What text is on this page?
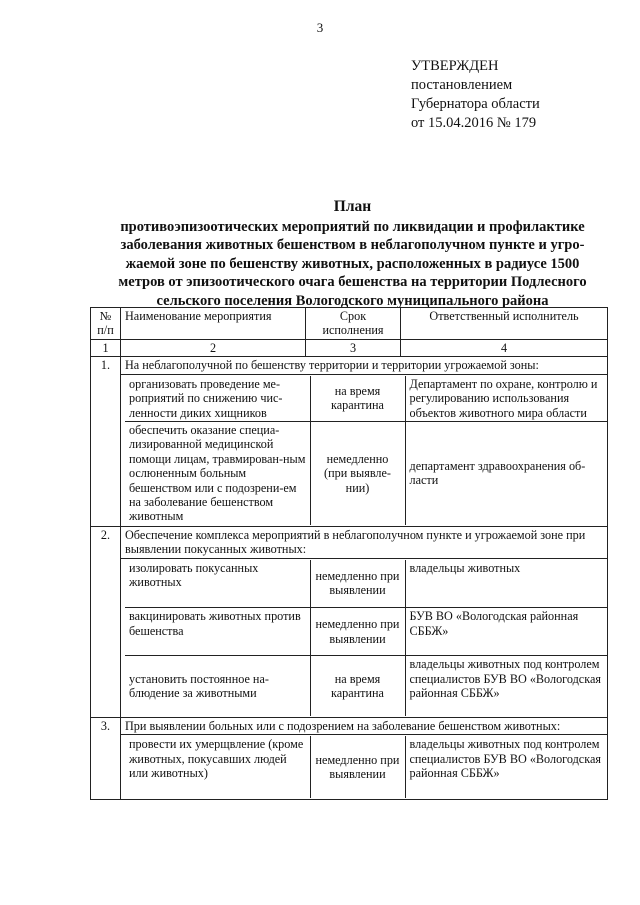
3
УТВЕРЖДЕН
постановлением
Губернатора области
от 15.04.2016 № 179
План
противоэпизоотических мероприятий по ликвидации и профилактике
заболевания животных бешенством в неблагополучном пункте и угро-
жаемой зоне по бешенству животных, расположенных в радиусе 1500
метров от эпизоотического очага бешенства на территории Подлесного
сельского поселения Вологодского муниципального района
№ п/п	Наименование мероприятия	Срок исполнения	Ответственный исполнитель
1	2	3	4
1.	На неблагополучной по бешенству территории и территории угрожаемой зоны:

организовать проведение ме-роприятий по снижению чис-ленности диких хищников	на время карантина	Департамент по охране, контролю и регулированию использования объектов животного мира области
обеспечить оказание специа-лизированной медицинской помощи лицам, травмирован-ным ослюненным больным бешенством или с подозрени-ем на заболевание бешенством животным	немедленно (при выявле-нии)	департамент здравоохранения об-ласти

2.	Обеспечение комплекса мероприятий в неблагополучном пункте и угрожаемой зоне при выявлении покусанных животных:

изолировать покусанных животных	немедленно при выявлении	владельцы животных
вакцинировать животных против бешенства	немедленно при выявлении	БУВ ВО «Вологодская районная СББЖ»
установить постоянное на-блюдение за животными	на время карантина	владельцы животных под контролем специалистов БУВ ВО «Вологодская районная СББЖ»

3.	При выявлении больных или с подозрением на заболевание бешенством животных:

провести их умерщвление (кроме животных, покусавших людей или животных)	немедленно при выявлении	владельцы животных под контролем специалистов БУВ ВО «Вологодская районная СББЖ»
